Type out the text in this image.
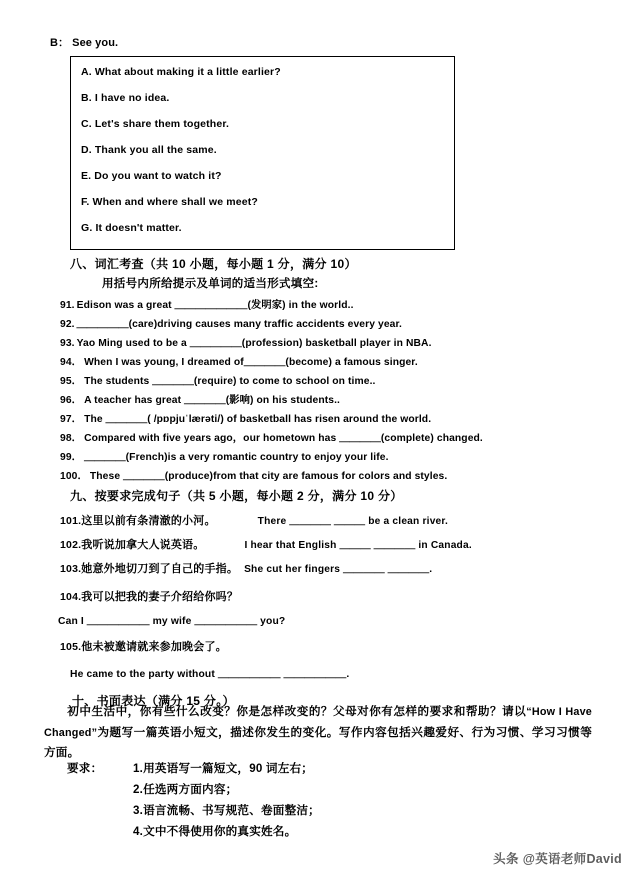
B： See you.
A. What about making it a little earlier?
B. I have no idea.
C. Let's share them together.
D. Thank you all the same.
E. Do you want to watch it?
F. When and where shall we meet?
G. It doesn't matter.
八、词汇考查（共 10 小题，每小题 1 分，满分 10）
用括号内所给提示及单词的适当形式填空:
91. Edison was a great ＿＿＿＿＿＿＿(发明家) in the world..
92. ＿＿＿＿＿(care)driving causes many traffic accidents every year.
93. Yao Ming used to be a ＿＿＿＿＿(profession) basketball player in NBA.
94． When I was young, I dreamed of＿＿＿＿(become) a famous singer.
95． The students ＿＿＿＿(require) to come to school on time..
96． A teacher has great ＿＿＿＿(影响) on his students..
97． The ＿＿＿＿( /pɒpjuˈlærəti/) of basketball has risen around the world.
98． Compared with five years ago，our hometown has ＿＿＿＿(complete) changed.
99． ＿＿＿＿(French)is a very romantic country to enjoy your life.
100． These ＿＿＿＿(produce)from that city are famous for colors and styles.
九、按要求完成句子（共 5 小题，每小题 2 分，满分 10 分）
101.这里以前有条清澈的小河。	There ＿＿＿＿ ＿＿＿ be a clean river.
102.我听说加拿大人说英语。	I hear that English ＿＿＿ ＿＿＿＿ in Canada.
103.她意外地切刀到了自己的手指。 She cut her fingers ＿＿＿＿ ＿＿＿＿.
104.我可以把我的妻子介绍给你吗？
Can I ＿＿＿＿＿＿ my wife ＿＿＿＿＿＿ you?
105.他未被邀请就来参加晚会了。
He came to the party without ＿＿＿＿＿＿ ＿＿＿＿＿＿.
十、书面表达（满分 15 分。）
初中生活中，你有些什么改变？你是怎样改变的？父母对你有怎样的要求和帮助？请以“How I Have Changed”为题写一篇英语小短文，描述你发生的变化。写作内容包括兴趣爱好、行为习惯、学习习惯等方面。
要求：	1.用英语写一篇短文，90 词左右；
2.任选两方面内容；
3.语言流畅、书写规范、卷面整洁；
4.文中不得使用你的真实姓名。
头条 @英语老师David
